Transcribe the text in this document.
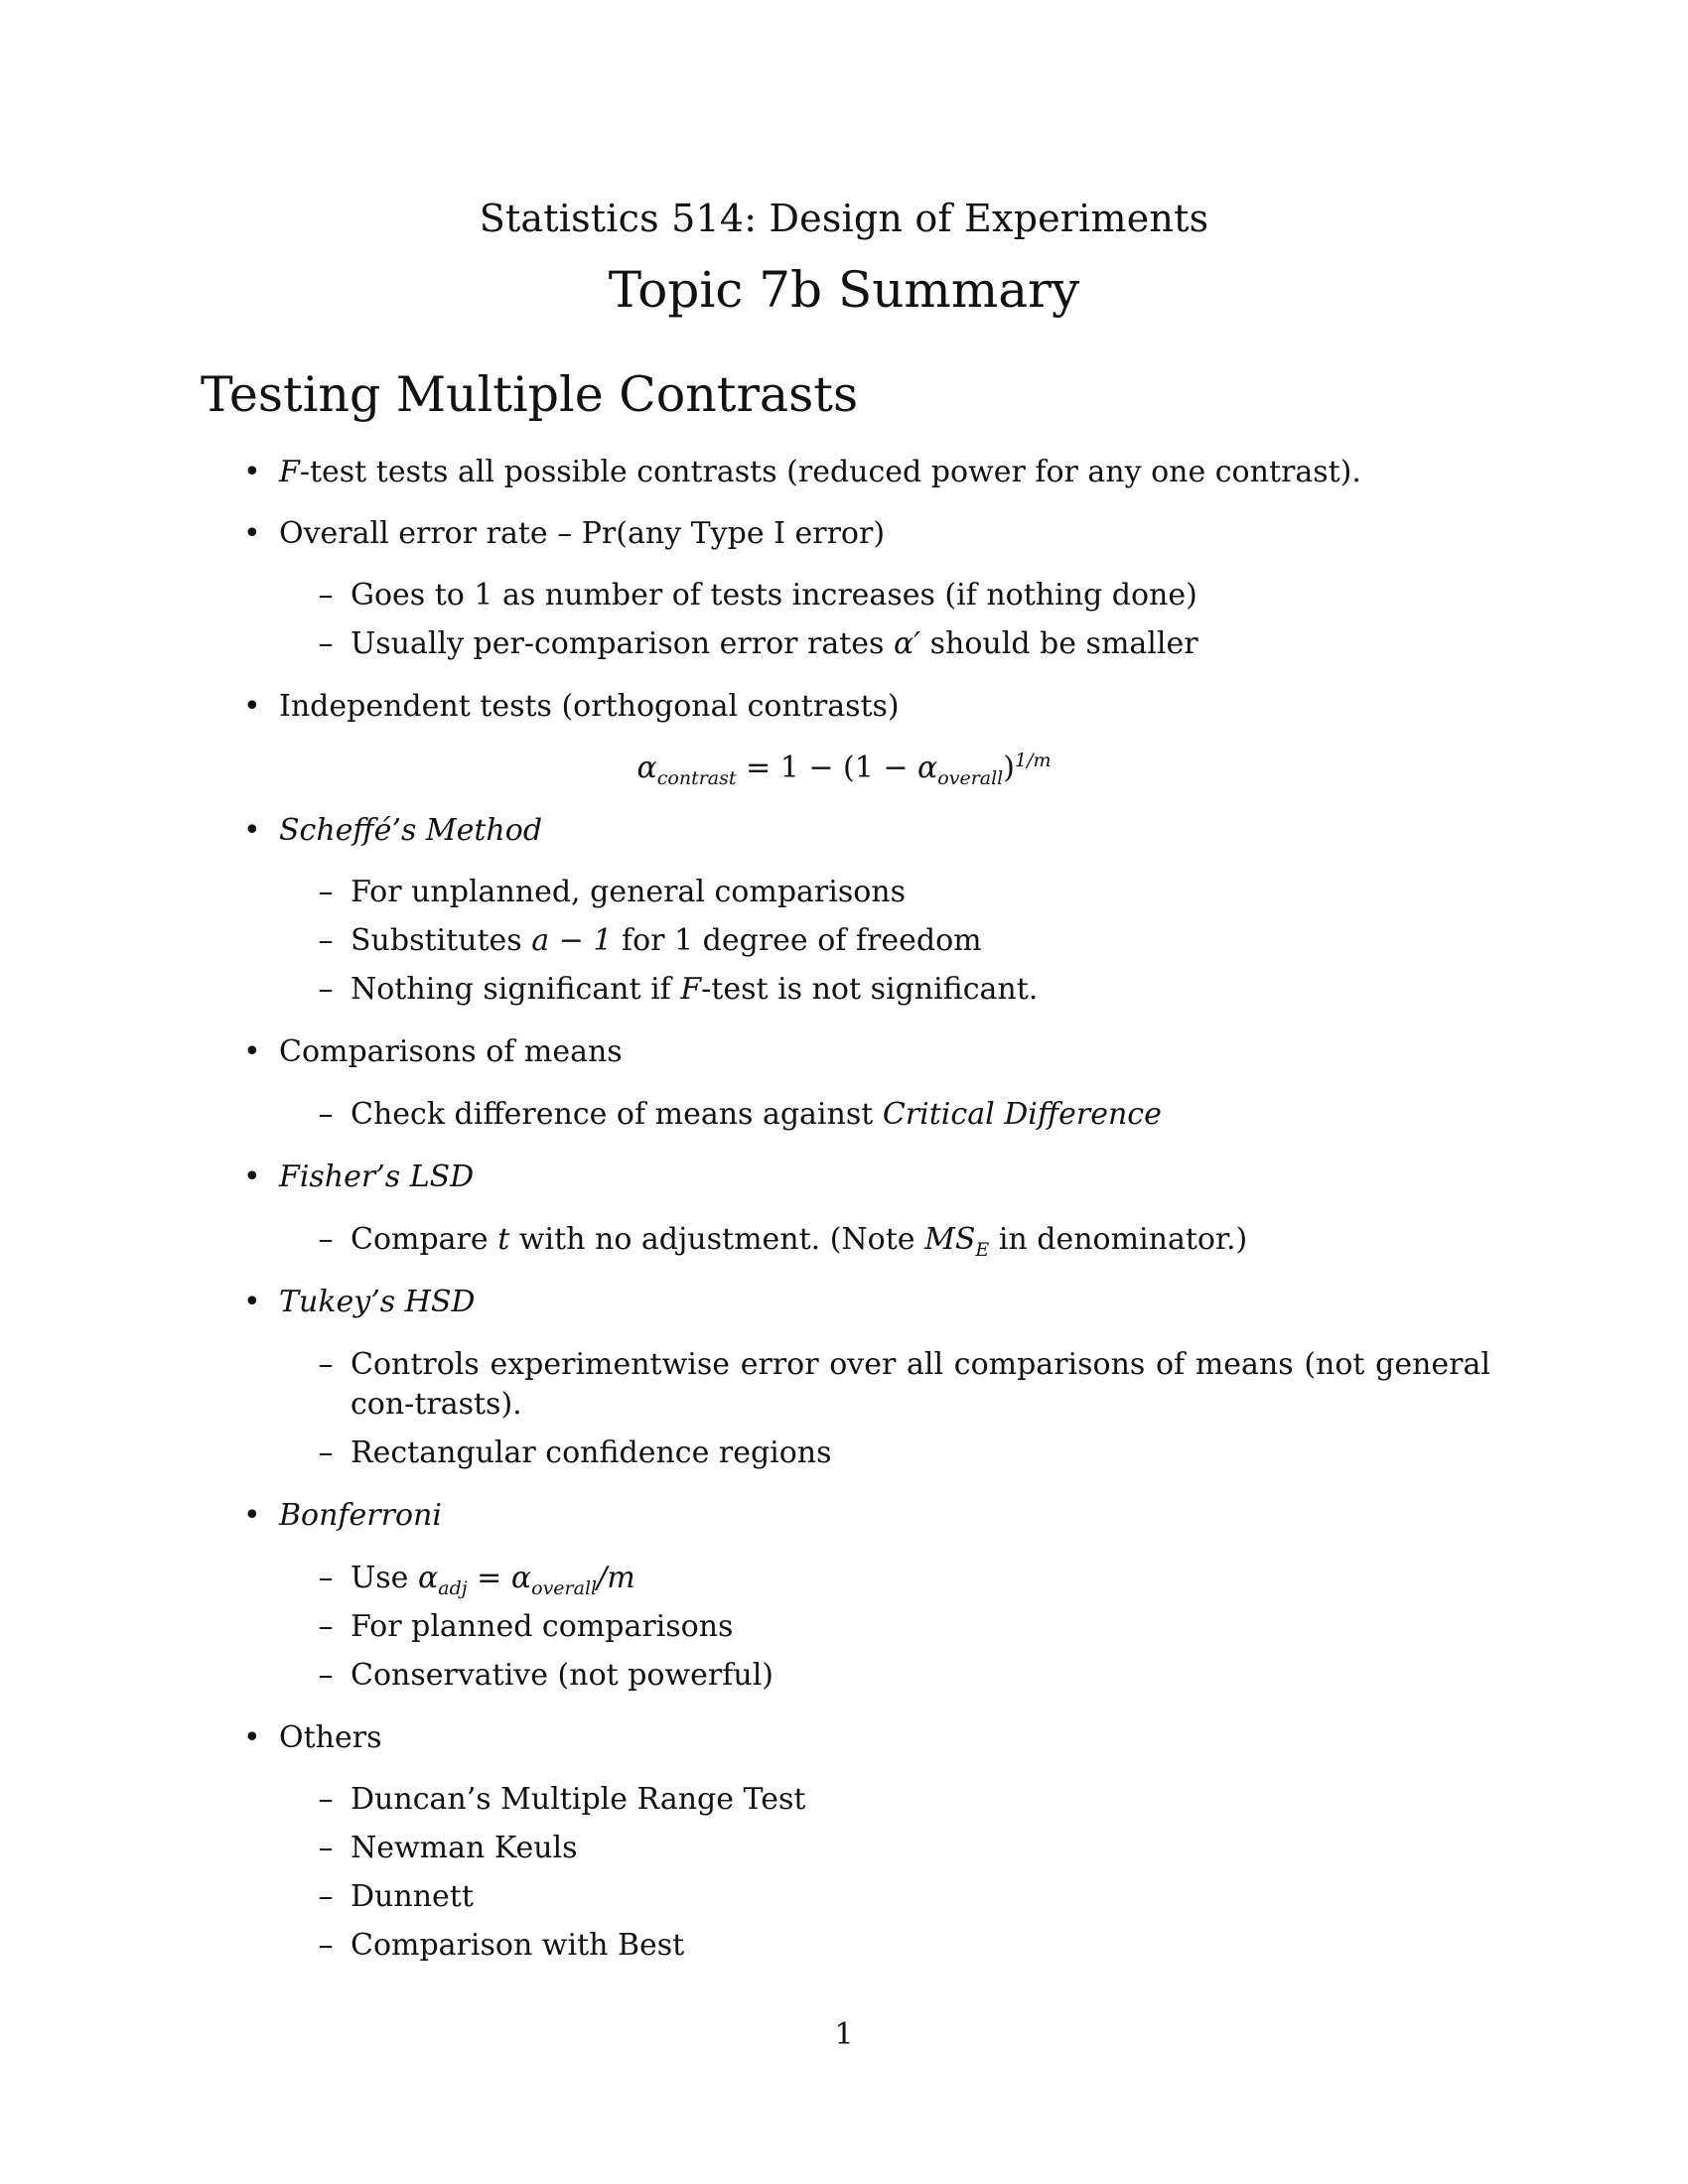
Statistics 514: Design of Experiments
Topic 7b Summary
Testing Multiple Contrasts
• F-test tests all possible contrasts (reduced power for any one contrast).
• Overall error rate – Pr(any Type I error)
– Goes to 1 as number of tests increases (if nothing done)
– Usually per-comparison error rates α′ should be smaller
• Independent tests (orthogonal contrasts)
$\alpha_{contrast} = 1 - (1 - \alpha_{overall})^{1/m}$
• Scheffé’s Method
– For unplanned, general comparisons
– Substitutes a − 1 for 1 degree of freedom
– Nothing significant if F-test is not significant.
• Comparisons of means
– Check difference of means against Critical Difference
• Fisher’s LSD
– Compare t with no adjustment. (Note $MS_E$ in denominator.)
• Tukey’s HSD
– Controls experimentwise error over all comparisons of means (not general con-trasts).
– Rectangular confidence regions
• Bonferroni
– Use $\alpha_{adj} = \alpha_{overall}/m$
– For planned comparisons
– Conservative (not powerful)
• Others
– Duncan’s Multiple Range Test
– Newman Keuls
– Dunnett
– Comparison with Best
1
